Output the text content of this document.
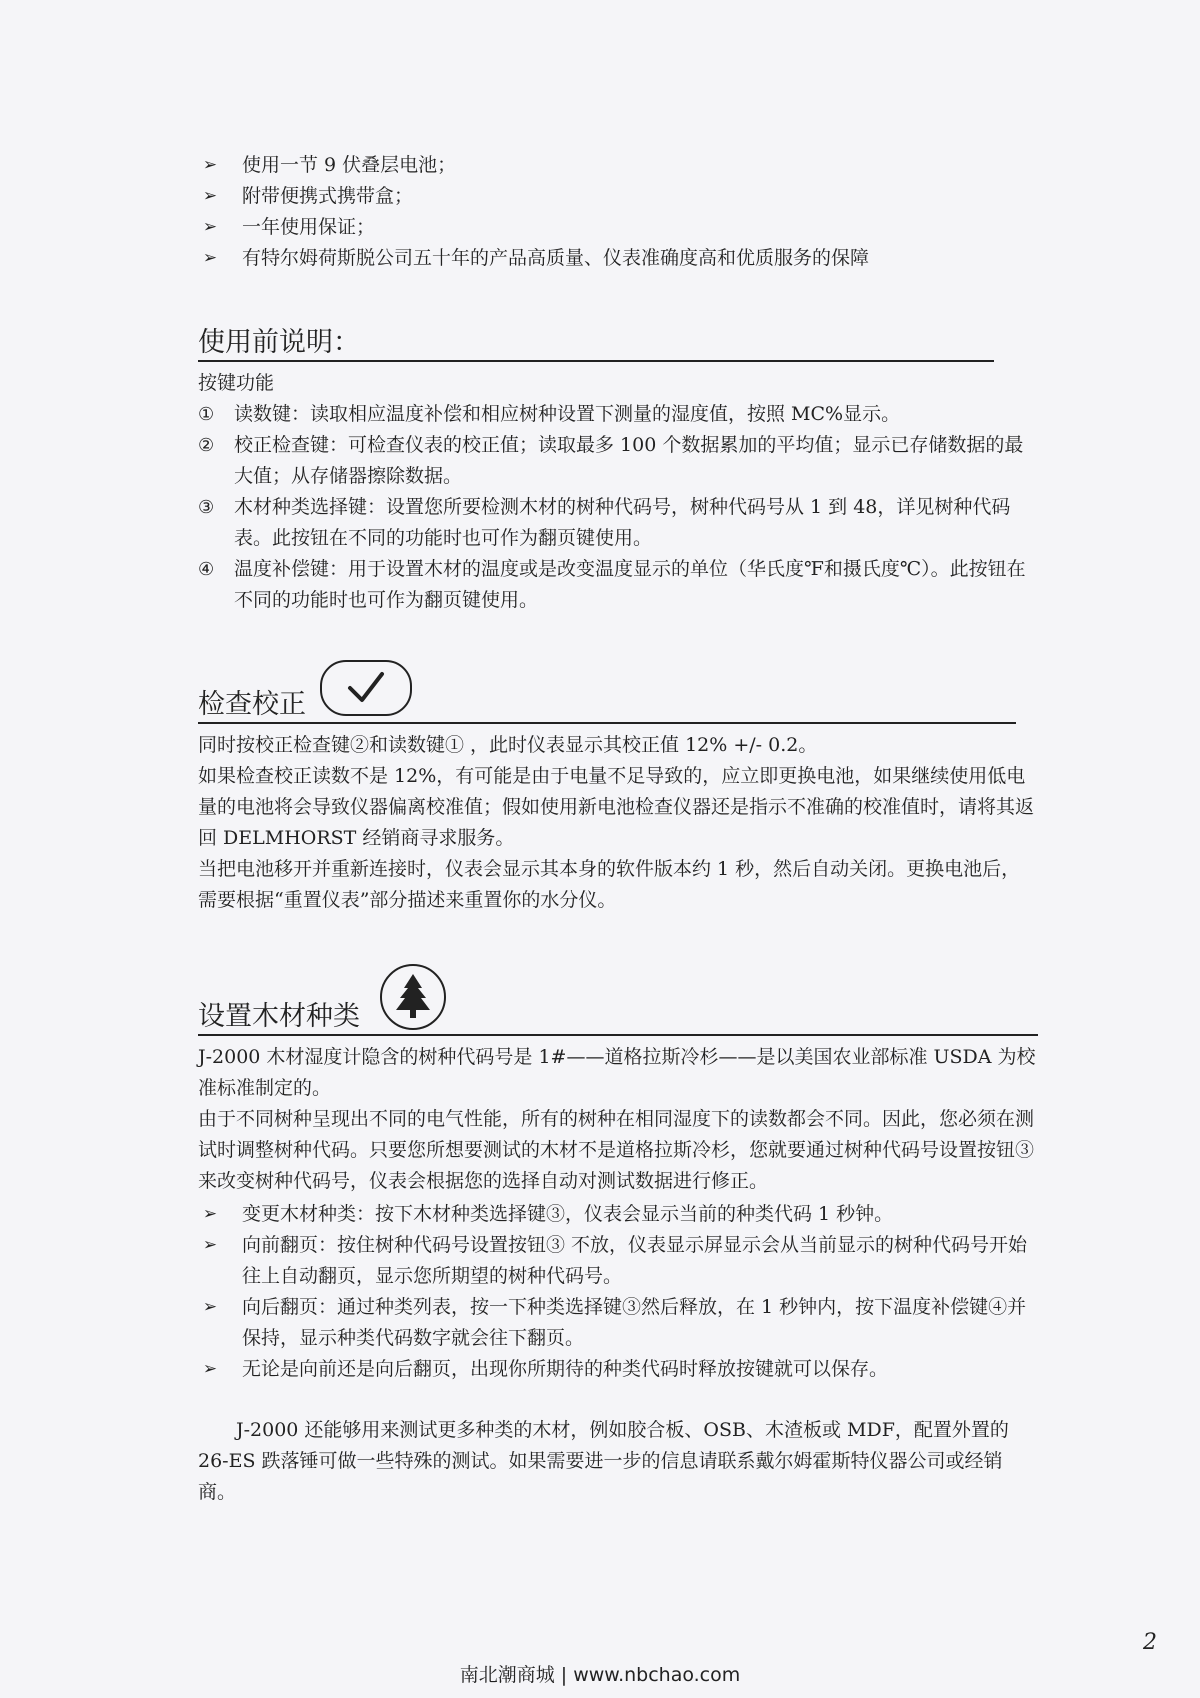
➢ 使用一节 9 伏叠层电池；
➢ 附带便携式携带盒；
➢ 一年使用保证；
➢ 有特尔姆荷斯脱公司五十年的产品高质量、仪表准确度高和优质服务的保障
使用前说明：

按键功能

① 读数键：读取相应温度补偿和相应树种设置下测量的湿度值，按照 MC%显示。
② 校正检查键：可检查仪表的校正值；读取最多 100 个数据累加的平均值；显示已存储数据的最大值；从存储器擦除数据。
③ 木材种类选择键：设置您所要检测木材的树种代码号，树种代码号从 1 到 48，详见树种代码表。此按钮在不同的功能时也可作为翻页键使用。
④ 温度补偿键：用于设置木材的温度或是改变温度显示的单位（华氏度℉和摄氏度℃）。此按钮在不同的功能时也可作为翻页键使用。
检查校正

同时按校正检查键②和读数键① ，此时仪表显示其校正值 12% +/- 0.2。

如果检查校正读数不是 12%，有可能是由于电量不足导致的，应立即更换电池，如果继续使用低电量的电池将会导致仪器偏离校准值；假如使用新电池检查仪器还是指示不准确的校准值时，请将其返回 DELMHORST 经销商寻求服务。

当把电池移开并重新连接时，仪表会显示其本身的软件版本约 1 秒，然后自动关闭。更换电池后，需要根据“重置仪表”部分描述来重置你的水分仪。

设置木材种类

J-2000 木材湿度计隐含的树种代码号是 1#——道格拉斯冷杉——是以美国农业部标准 USDA 为校准标准制定的。

由于不同树种呈现出不同的电气性能，所有的树种在相同湿度下的读数都会不同。因此，您必须在测试时调整树种代码。只要您所想要测试的木材不是道格拉斯冷杉，您就要通过树种代码号设置按钮③ 来改变树种代码号，仪表会根据您的选择自动对测试数据进行修正。

➢ 变更木材种类：按下木材种类选择键③，仪表会显示当前的种类代码 1 秒钟。
➢ 向前翻页：按住树种代码号设置按钮③ 不放，仪表显示屏显示会从当前显示的树种代码号开始往上自动翻页，显示您所期望的树种代码号。
➢ 向后翻页：通过种类列表，按一下种类选择键③然后释放，在 1 秒钟内，按下温度补偿键④并保持，显示种类代码数字就会往下翻页。
➢ 无论是向前还是向后翻页，出现你所期待的种类代码时释放按键就可以保存。

J-2000 还能够用来测试更多种类的木材，例如胶合板、OSB、木渣板或 MDF，配置外置的 26-ES 跌落锤可做一些特殊的测试。如果需要进一步的信息请联系戴尔姆霍斯特仪器公司或经销商。

2
南北潮商城 | www.nbchao.com
